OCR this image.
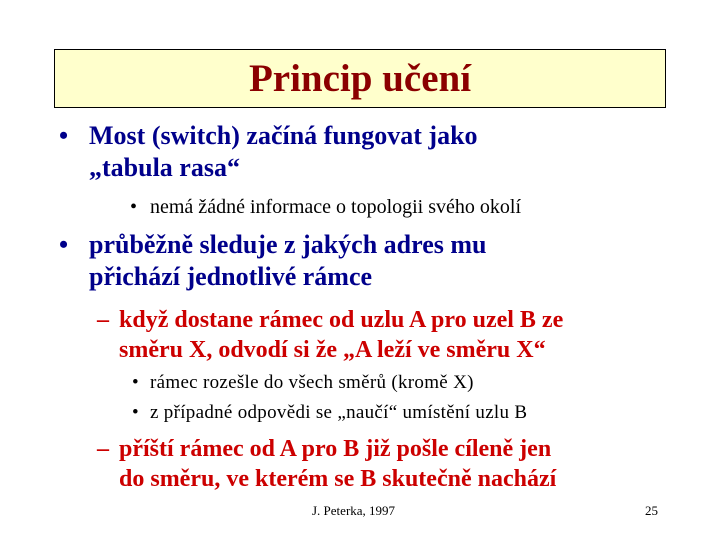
Princip učení
• Most (switch) začíná fungovat jako
„tabula rasa“
• nemá žádné informace o topologii svého okolí
• průběžně sleduje z jakých adres mu
přichází jednotlivé rámce
– když dostane rámec od uzlu A pro uzel B ze
směru X, odvodí si že „A leží ve směru X“
• rámec rozešle do všech směrů (kromě X)
• z případné odpovědi se „naučí“ umístění uzlu B
– příští rámec od A pro B již pošle cíleně jen
do směru, ve kterém se B skutečně nachází
J. Peterka, 1997	25
